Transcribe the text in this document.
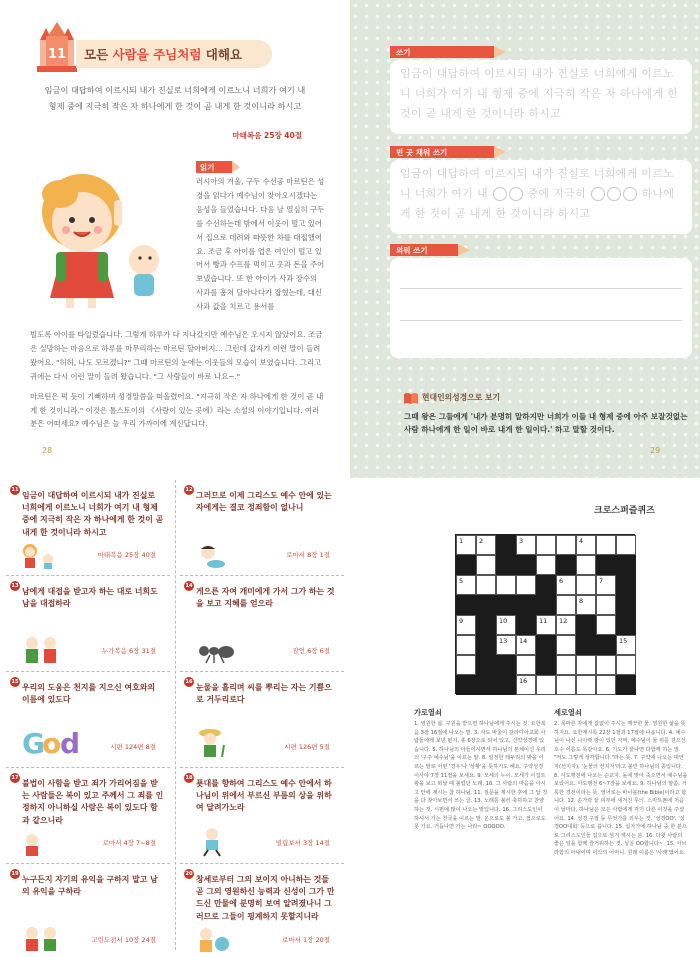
11 모든 사람을 주님처럼 대해요
임금이 대답하여 이르시되 내가 진실로 너희에게 이르노니 너희가 여기 내 형제 중에 지극히 작은 자 하나에게 한 것이 곧 내게 한 것이니라 하시고
마태복음 25장 40절
읽기
러시아의 겨울, 구두 수선공 마르틴은 성경을 읽다가 예수님이 찾아오시겠다는 음성을 들었습니다. 다음 날 열심히 구두를 수선하는데 밖에서 이웃이 떨고 있어서 집으로 데려와 따뜻한 차를 대접했어요. 조금 후 아이를 업은 여인이 떨고 있어서 빵과 수프를 먹이고 옷과 돈을 주어 보냈습니다. 또 한 아이가 사과 장수의 사과를 훔쳐 달아나다가 잡혔는데, 대신 사과 값을 치르고 용서를

빌도록 아이를 타일렀습니다. 그렇게 하루가 다 지나갔지만 예수님은 오시지 않았어요. 조금은 실망하는 마음으로 하루를 마무리하는 마르틴 할아버지… 그런데 갑자기 이런 말이 들려 왔어요. "허허, 나도 모르겠니?" 그때 마르틴의 눈에는 이웃들의 모습이 보였습니다. 그리고 귀에는 다시 이런 말이 들려 왔습니다. "그 사람들이 바로 나요~."

마르틴은 퍽 듯이 기뻐하며 성경말씀을 떠올렸어요. "지극히 작은 자 하나에게 한 것이 곧 내게 한 것이니라." 이것은 톨스토이의 《사랑이 있는 곳에》라는 소설의 이야기입니다. 여러분은 어떠세요? 예수님은 늘 우리 가까이에 계신답니다.

28
쓰기
임금이 대답하여 이르시되 내가 진실로 너희에게 이르노니 너희가 여기 내 형제 중에 지극히 작은 자 하나에게 한 것이 곧 내게 한 것이니라 하시고
빈 곳 채워 쓰기
임금이 대답하여 이르시되 내가 진실로 너희에게 이르노니 너희가 여기 내	중에 지극히	하나에게 한 것이 곧 내게 한 것이니라 하시고
외워 쓰기
현대인의성경으로 보기
그때 왕은 그들에게 '내가 분명히 말하지만 너희가 이들 내 형제 중에 아주 보잘것없는 사람 하나에게 한 일이 바로 내게 한 일이다.' 하고 말할 것이다.
29
11
임금이 대답하여 이르시되 내가 진실로 너희에게 이르노니 너희가 여기 내 형제 중에 지극히 작은 자 하나에게 한 것이 곧 내게 한 것이니라 하시고
마태복음 25장 40절
12
그러므로 이제 그리스도 예수 안에 있는 자에게는 결코 정죄함이 없나니
로마서 8장 1절
13
남에게 대접을 받고자 하는 대로 너희도 남을 대접하라
누가복음 6장 31절
14
게으른 자여 개미에게 가서 그가 하는 것을 보고 지혜를 얻으라
잠언 6장 6절
15
우리의 도움은 천지를 지으신 여호와의 이름에 있도다
G
o
d	시편 124편 8절
16
눈물을 흘리며 씨를 뿌리는 자는 기쁨으로 거두리로다
시편 126편 5절
17
불법이 사함을 받고 죄가 가리어짐을 받는 사람들은 복이 있고 주께서 그 죄를 인정하지 아니하실 사람은 복이 있도다 함과 같으니라
로마서 4장 7~8절
18
푯대를 향하여 그리스도 예수 안에서 하나님이 위에서 부르신 부름의 상을 위하여 달려가노라
빌립보서 3장 14절
19
누구든지 자기의 유익을 구하지 말고 남의 유익을 구하라
고린도전서 10장 24절
20
창세로부터 그의 보이지 아니하는 것들 곧 그의 영원하신 능력과 신성이 그가 만드신 만물에 분명히 보여 알려졌나니 그러므로 그들이 핑계하지 못할지니라
로마서 1장 20절
크로스퍼즐퀴즈
1 2	3	4
5	6	7
8
9	10	11 12
13 14	15
16
가로열쇠
1. 영원한 삶. 구원을 받으면 하나님에게 주시는 것. 요한복음 3장 16절에 나오는 말. 3. 사도 바울이 갈라디아교회 사람들에게 보낸 편지. 총 6장으로 되어 있고, 신약성경에 있습니다. 5. 하나님의 아들이시면서 하나님의 본체이신 우리의 '구주 예수님'을 이르는 말. 8. 일정한 테두리의 밖을 이르는 말로 어떤 '경우'나 '상황'을 뜻하기도 해요. 구약성경 이사야 7장 11절을 보세요. 9. 모세의 누이. 모세가 이집트 왕을 보고 떠날 때 불렀던 노래. 10. 그 사람의 마음을 아시고 안에 계시는 참 하나님. 11. 질문을 제시한 후에 그 답 것을 다 찾아보면서 쓰는 글. 13. 노래를 불러 축하하고 찬양하는 것. 시편에 많이 나오는 말입니다. 16. 그리스도인이 하셔서 가는 천국을 이르는 말. 온으로도 볼 가고, 접으로도 못 가요. 거듭나면 가는 나라~ OOOOO.
세로열쇠
2. 목마른 자에게 값없이 주시는 깨끗한 물. 영원한 삶을 뜻하지요. 요한계시록 22장 1절과 17절에 나옵니다. 4. 예수님이 나신 나사렛 땅이 있던 지역, 예수님이 물 위를 걸으신 호수 이름도 똑같아요. 6. 기도가 끝나면 다함께 하는 말. "저도 그렇게 생각합니다."라는 뜻. 7. 구약에 나오는 대언자(선지자), '눈물의 선지자'라고 불린 하나님의 종입니다. 8. 사도행전에 나오는 순교자. 돌에 맞아 죽으면서 예수님을 보았어요. 사도행전 6~7장을 보세요. 9. 하나님의 말씀, 거룩한 경전이라는 뜻. 영어로는 바이블(the Bible)이라고 합니다. 12. 손가락 끝 피부에 새겨진 무늬. 스마트폰에 처음이 날마다, 하나님은 모든 사람에게 각기 다른 이것을 주셨어요. 14. 성경 구절 등 무엇가를 외우는 것. '성경OO', '성경OO대회' 등으로 씁니다. 15. 십자가에 하나님 중 한 분으로 그리스도인들 집으로 섬겨 계시는 분. 16. 다윗 사람의 좋은 일을 함께 즐거워하는 것. 성실 OO합니다~. 15. 아브라함의 아내이며 이삭의 어머니. 원래 이름은 '사래'였어요.
